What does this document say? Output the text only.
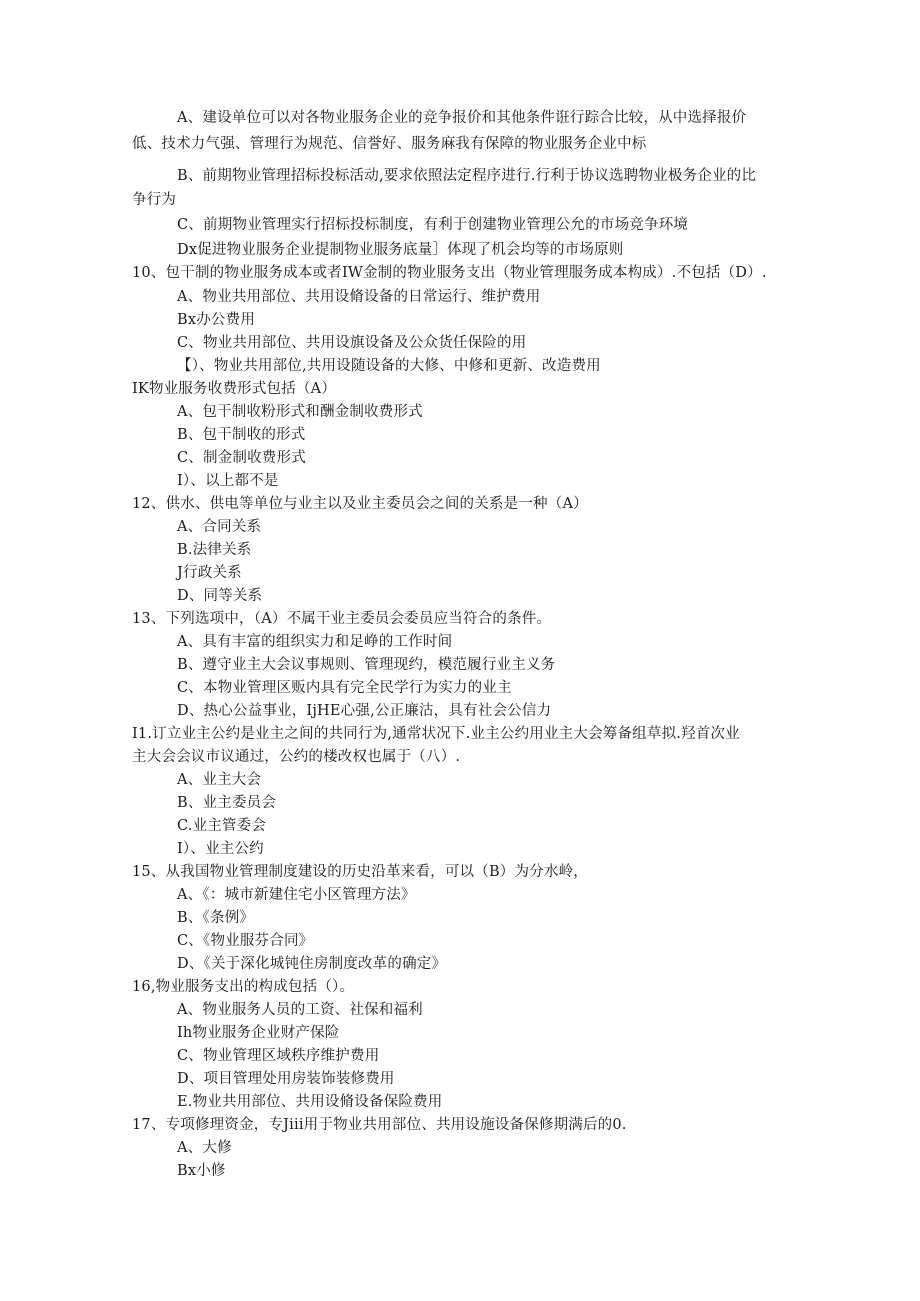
A、建设单位可以对各物业服务企业的竞争报价和其他条件诳行踪合比较，从中选择报价
低、技术力气强、管理行为规范、信誉好、服务麻我有保障的物业服务企业中标
B、前期物业管理招标投标活动,要求依照法定程序进行.行利于协议选聘物业极务企业的比
争行为
C、前期物业管理实行招标投标制度，有利于创建物业管理公允的市场竞争环境
Dx促进物业服务企业提制物业服务底量］体现了机会均等的市场原则
10、包干制的物业服务成本或者IW金制的物业服务支出（物业管理服务成本构成）.不包括（D）.
A、物业共用部位、共用设脩设备的日常运行、维护费用
Bx办公费用
C、物业共用部位、共用设旗设备及公众货任保险的用
【）、物业共用部位,共用设随设备的大修、中修和更新、改造费用
IK物业服务收费形式包括（A）
A、包干制收粉形式和酬金制收费形式
B、包干制收的形式
C、制金制收费形式
I）、以上都不是
12、供水、供电等单位与业主以及业主委员会之间的关系是一种（A）
A、合同关系
B.法律关系
J行政关系
D、同等关系
13、下列选项中，（A）不属干业主委员会委员应当符合的条件。
A、具有丰富的组织实力和足峥的工作时间
B、遵守业主大会议事规则、管理现约，模范履行业主义务
C、本物业管理区贩内具有完全民学行为实力的业主
D、热心公益事业，IjHE心强,公正廉沽，具有社会公信力
I1.订立业主公约是业主之间的共同行为,通常状况下.业主公约用业主大会筹备组草拟.羟首次业
主大会会议市议通过，公约的楼改权也属于（八）.
A、业主大会
B、业主委员会
C.业主管委会
I）、业主公约
15、从我国物业管理制度建设的历史沿革来看，可以（B）为分水岭，
A、《：城市新建住宅小区管理方法》
B、《条例》
C、《物业服芬合同》
D、《关于深化城钝住房制度改革的确定》
16,物业服务支出的构成包括（）。
A、物业服务人员的工资、社保和福利
Ih物业服务企业财产保险
C、物业管理区域秩序维护费用
D、项目管理处用房装饰装修费用
E.物业共用部位、共用设脩设备保险费用
17、专项修理资金，专Jiii用于物业共用部位、共用设施设备保修期满后的0.
A、大修
Bx小修
